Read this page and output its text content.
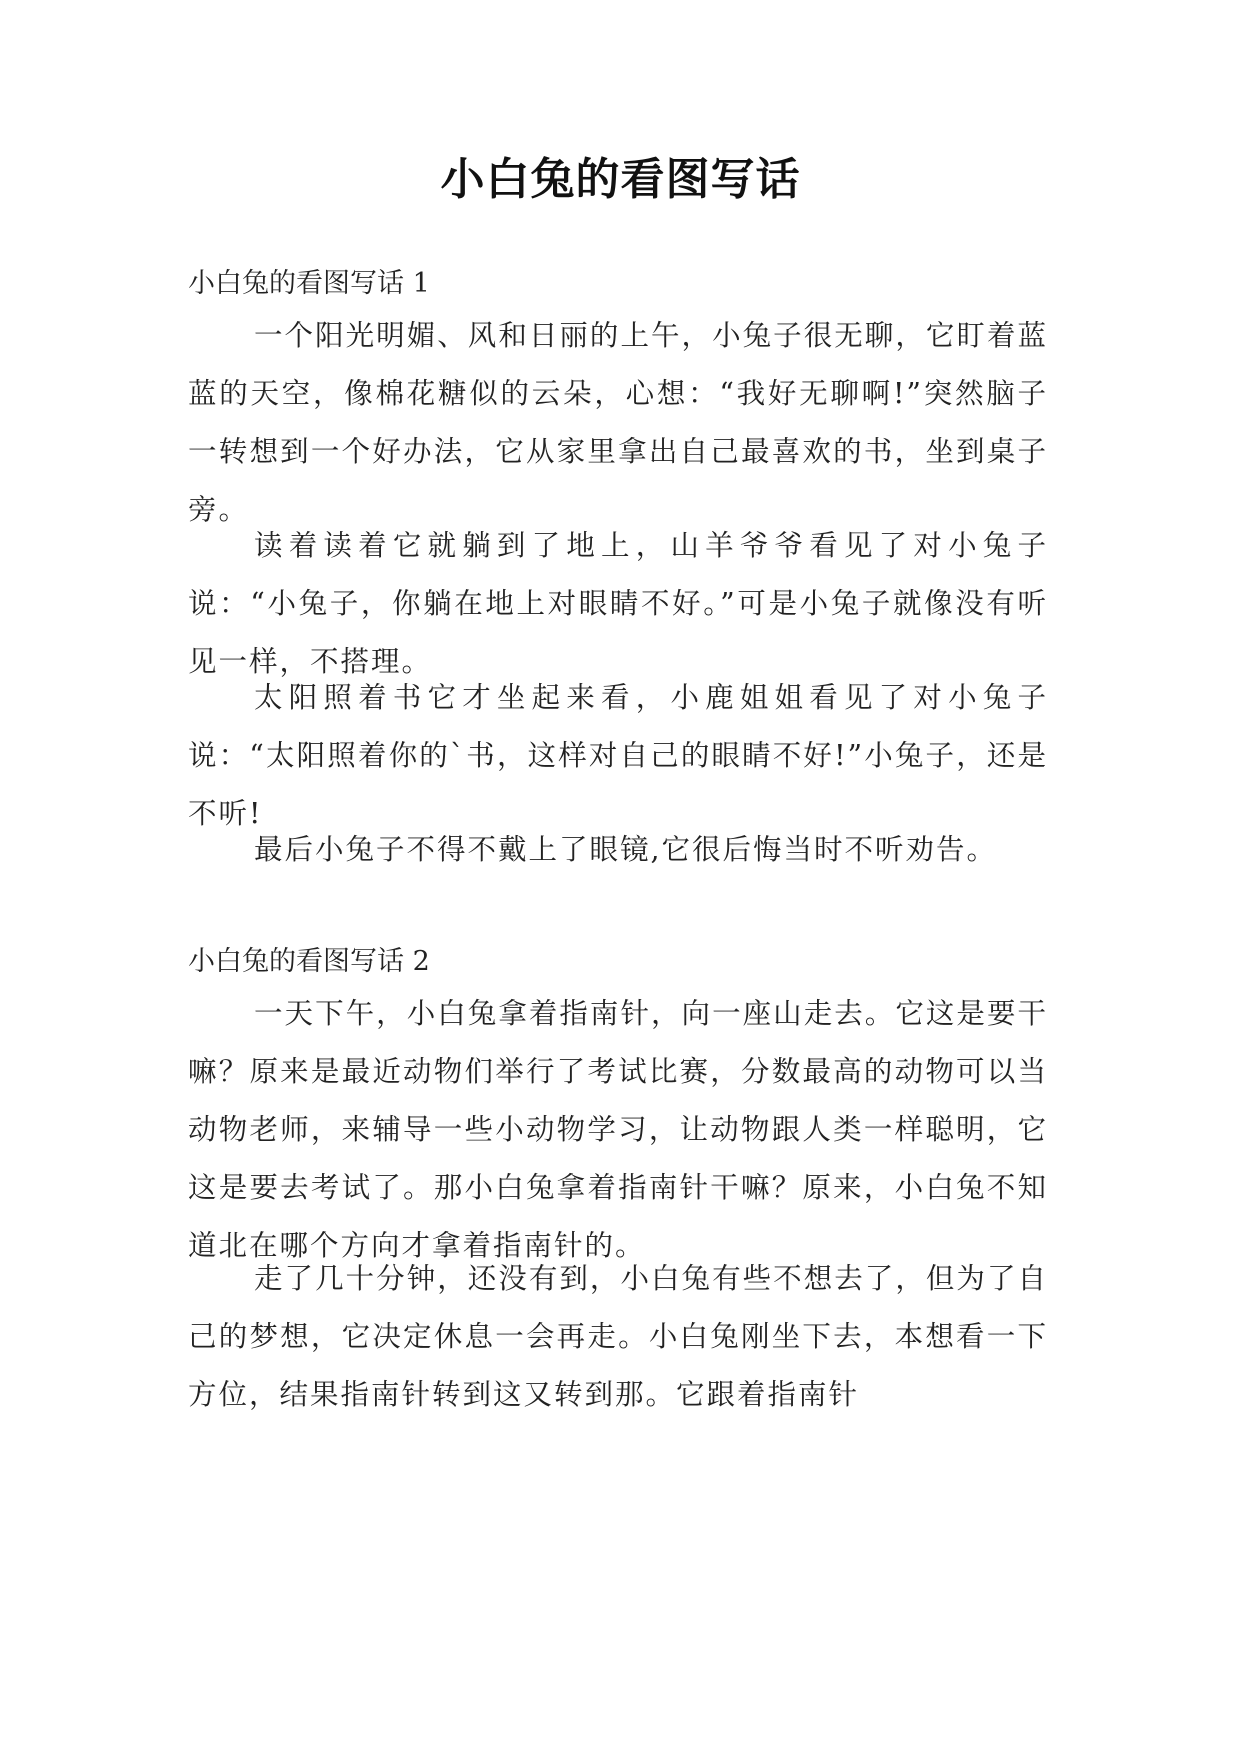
小白兔的看图写话
小白兔的看图写话 1

一个阳光明媚、风和日丽的上午，小兔子很无聊，它盯着蓝蓝的天空，像棉花糖似的云朵，心想：“我好无聊啊!”突然脑子一转想到一个好办法，它从家里拿出自己最喜欢的书，坐到桌子旁。

读着读着它就躺到了地上，山羊爷爷看见了对小兔子说：“小兔子，你躺在地上对眼睛不好。”可是小兔子就像没有听见一样，不搭理。

太阳照着书它才坐起来看，小鹿姐姐看见了对小兔子说：“太阳照着你的`书，这样对自己的眼睛不好!”小兔子，还是不听!

最后小兔子不得不戴上了眼镜,它很后悔当时不听劝告。

小白兔的看图写话 2

一天下午，小白兔拿着指南针，向一座山走去。它这是要干嘛？原来是最近动物们举行了考试比赛，分数最高的动物可以当动物老师，来辅导一些小动物学习，让动物跟人类一样聪明，它这是要去考试了。那小白兔拿着指南针干嘛？原来，小白兔不知道北在哪个方向才拿着指南针的。

走了几十分钟，还没有到，小白兔有些不想去了，但为了自己的梦想，它决定休息一会再走。小白兔刚坐下去，本想看一下方位，结果指南针转到这又转到那。它跟着指南针
